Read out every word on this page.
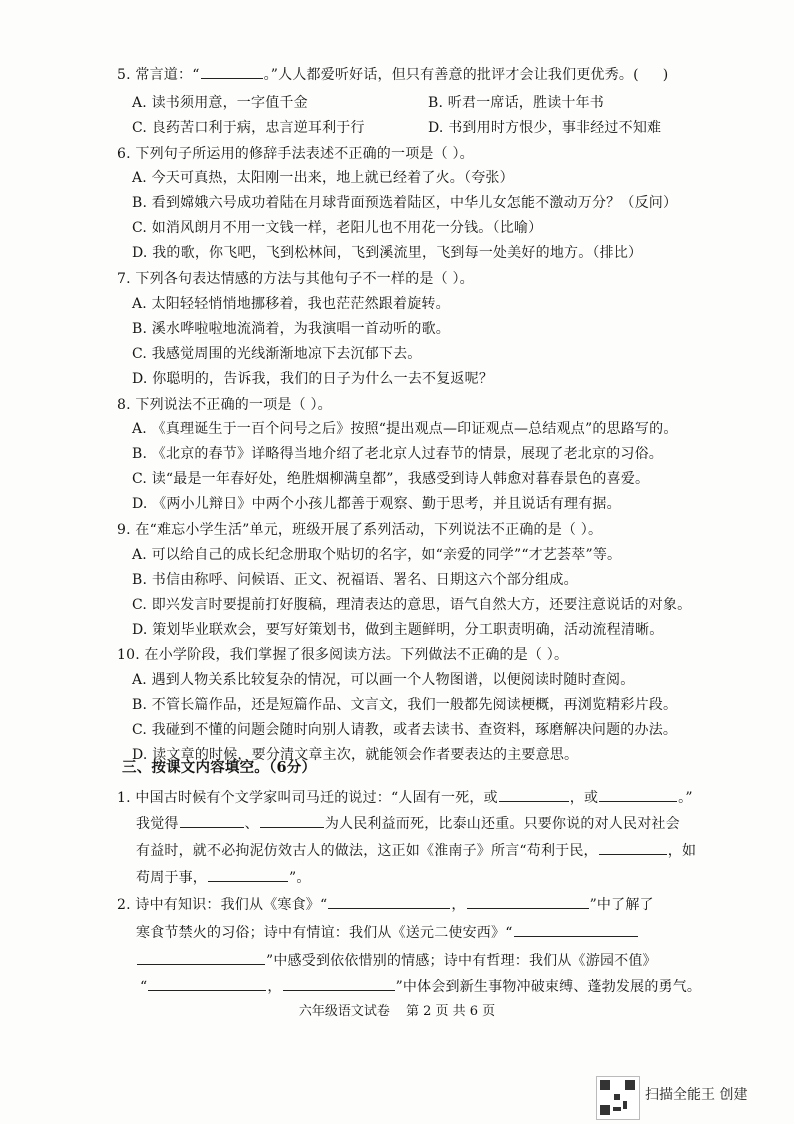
5. 常言道：“	。”人人都爱听好话，但只有善意的批评才会让我们更优秀。( )
A. 读书须用意，一字值千金	B. 听君一席话，胜读十年书
C. 良药苦口利于病，忠言逆耳利于行	D. 书到用时方恨少，事非经过不知难
6. 下列句子所运用的修辞手法表述不正确的一项是（ ）。
A. 今天可真热，太阳刚一出来，地上就已经着了火。（夸张）
B. 看到嫦娥六号成功着陆在月球背面预选着陆区，中华儿女怎能不激动万分？（反问）
C. 如消风朗月不用一文钱一样，老阳儿也不用花一分钱。（比喻）
D. 我的歌，你飞吧，飞到松林间，飞到溪流里，飞到每一处美好的地方。（排比）
7. 下列各句表达情感的方法与其他句子不一样的是（ ）。
A. 太阳轻轻悄悄地挪移着，我也茫茫然跟着旋转。
B. 溪水哗啦啦地流淌着，为我演唱一首动听的歌。
C. 我感觉周围的光线渐渐地凉下去沉郁下去。
D. 你聪明的，告诉我，我们的日子为什么一去不复返呢？
8. 下列说法不正确的一项是（ ）。
A. 《真理诞生于一百个问号之后》按照“提出观点—印证观点—总结观点”的思路写的。
B. 《北京的春节》详略得当地介绍了老北京人过春节的情景，展现了老北京的习俗。
C. 读“最是一年春好处，绝胜烟柳满皇都”，我感受到诗人韩愈对暮春景色的喜爱。
D. 《两小儿辩日》中两个小孩儿都善于观察、勤于思考，并且说话有理有据。
9. 在“难忘小学生活”单元，班级开展了系列活动，下列说法不正确的是（ ）。
A. 可以给自己的成长纪念册取个贴切的名字，如“亲爱的同学”“才艺荟萃”等。
B. 书信由称呼、问候语、正文、祝福语、署名、日期这六个部分组成。
C. 即兴发言时要提前打好腹稿，理清表达的意思，语气自然大方，还要注意说话的对象。
D. 策划毕业联欢会，要写好策划书，做到主题鲜明，分工职责明确，活动流程清晰。
10. 在小学阶段，我们掌握了很多阅读方法。下列做法不正确的是（ ）。
A. 遇到人物关系比较复杂的情况，可以画一个人物图谱，以便阅读时随时查阅。
B. 不管长篇作品，还是短篇作品、文言文，我们一般都先阅读梗概，再浏览精彩片段。
C. 我碰到不懂的问题会随时向别人请教，或者去读书、查资料，琢磨解决问题的办法。
D. 读文章的时候，要分清文章主次，就能领会作者要表达的主要意思。
三、按课文内容填空。（6分）
1. 中国古时候有个文学家叫司马迁的说过：“人固有一死，或	，或	。”
我觉得	、	为人民利益而死，比泰山还重。只要你说的对人民对社会
有益时，就不必拘泥仿效古人的做法，这正如《淮南子》所言“苟利于民，	，如
苟周于事，	”。
2. 诗中有知识：我们从《寒食》“	，	”中了解了
寒食节禁火的习俗；诗中有情谊：我们从《送元二使安西》“
”中感受到依依惜别的情感；诗中有哲理：我们从《游园不值》
“	，	”中体会到新生事物冲破束缚、蓬勃发展的勇气。
六年级语文试卷 第 2 页 共 6 页
扫描全能王 创建
